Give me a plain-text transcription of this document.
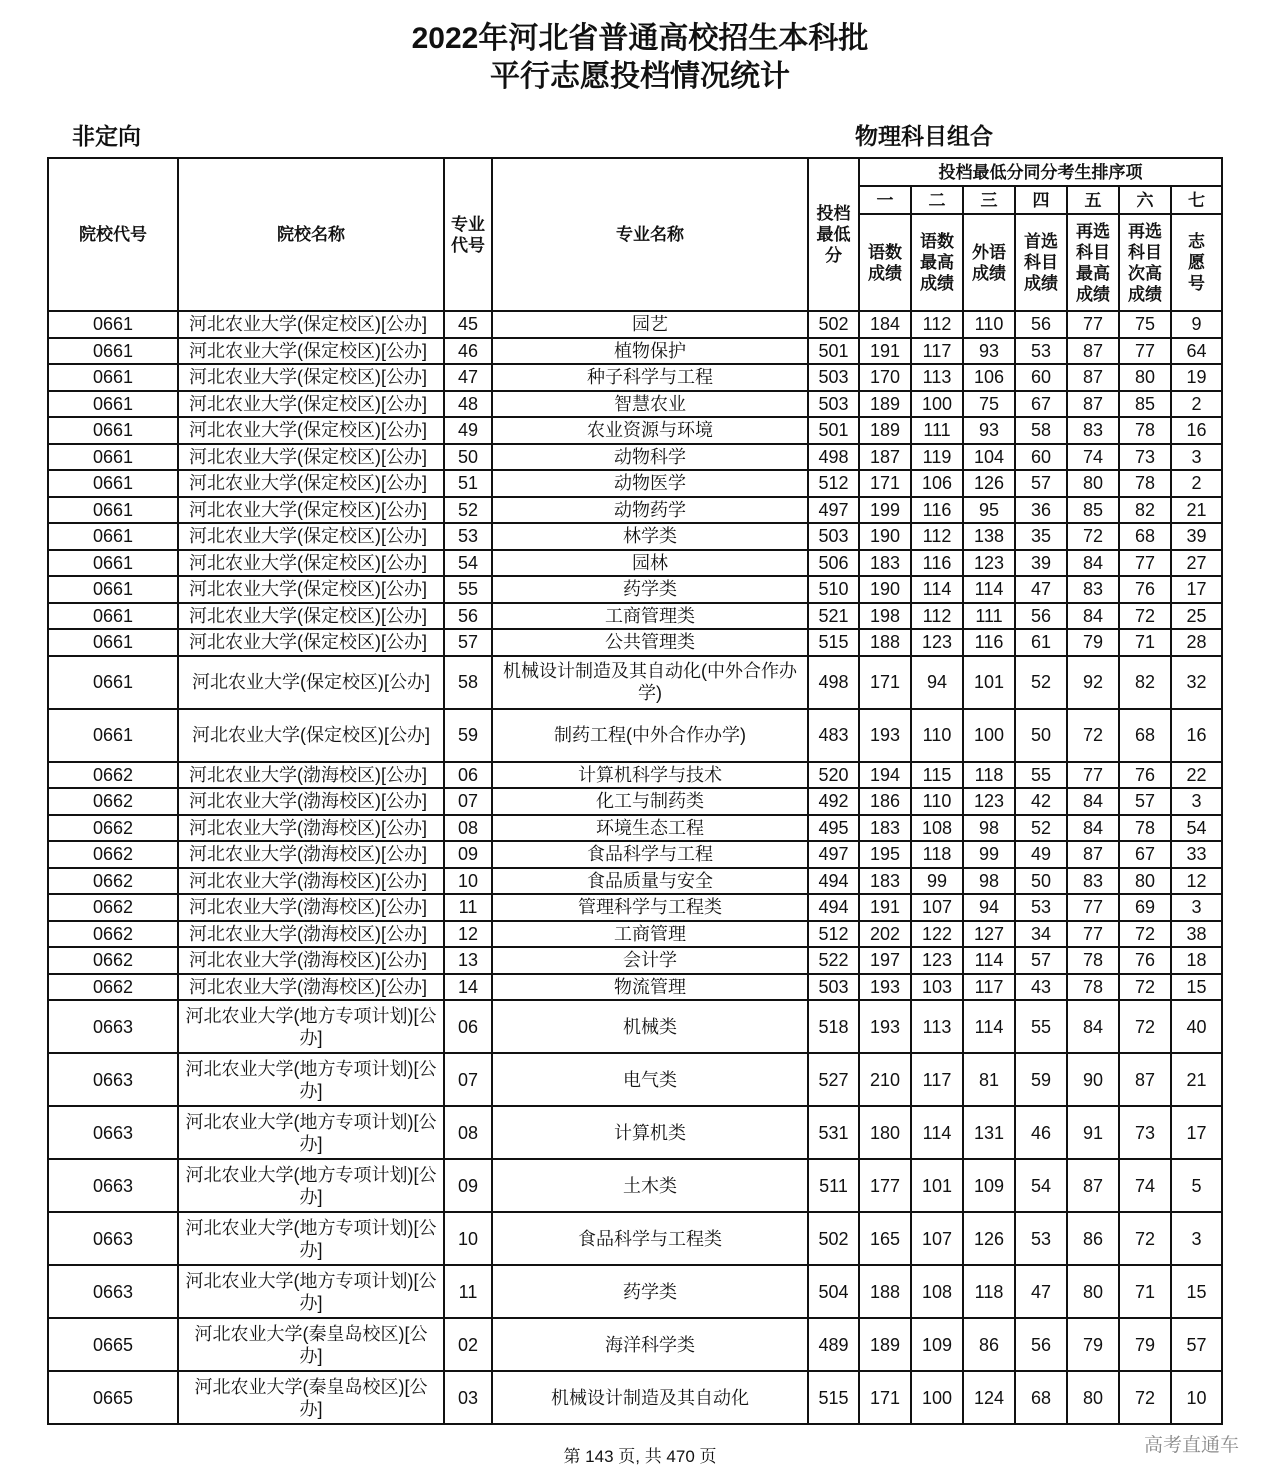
2022年河北省普通高校招生本科批
平行志愿投档情况统计
非定向	物理科目组合
院校代号	院校名称	专业代号	专业名称	投档最低分	投档最低分同分考生排序项						
					一	二	三	四	五	六	七
					语数成绩	语数最高成绩	外语成绩	首选科目成绩	再选科目最高成绩	再选科目次高成绩	志愿号
0661	河北农业大学(保定校区)[公办]	45	园艺	502	184	112	110	56	77	75	9
0661	河北农业大学(保定校区)[公办]	46	植物保护	501	191	117	93	53	87	77	64
0661	河北农业大学(保定校区)[公办]	47	种子科学与工程	503	170	113	106	60	87	80	19
0661	河北农业大学(保定校区)[公办]	48	智慧农业	503	189	100	75	67	87	85	2
0661	河北农业大学(保定校区)[公办]	49	农业资源与环境	501	189	111	93	58	83	78	16
0661	河北农业大学(保定校区)[公办]	50	动物科学	498	187	119	104	60	74	73	3
0661	河北农业大学(保定校区)[公办]	51	动物医学	512	171	106	126	57	80	78	2
0661	河北农业大学(保定校区)[公办]	52	动物药学	497	199	116	95	36	85	82	21
0661	河北农业大学(保定校区)[公办]	53	林学类	503	190	112	138	35	72	68	39
0661	河北农业大学(保定校区)[公办]	54	园林	506	183	116	123	39	84	77	27
0661	河北农业大学(保定校区)[公办]	55	药学类	510	190	114	114	47	83	76	17
0661	河北农业大学(保定校区)[公办]	56	工商管理类	521	198	112	111	56	84	72	25
0661	河北农业大学(保定校区)[公办]	57	公共管理类	515	188	123	116	61	79	71	28
0661	河北农业大学(保定校区)[公办]	58	机械设计制造及其自动化(中外合作办学)	498	171	94	101	52	92	82	32
0661	河北农业大学(保定校区)[公办]	59	制药工程(中外合作办学)	483	193	110	100	50	72	68	16
0662	河北农业大学(渤海校区)[公办]	06	计算机科学与技术	520	194	115	118	55	77	76	22
0662	河北农业大学(渤海校区)[公办]	07	化工与制药类	492	186	110	123	42	84	57	3
0662	河北农业大学(渤海校区)[公办]	08	环境生态工程	495	183	108	98	52	84	78	54
0662	河北农业大学(渤海校区)[公办]	09	食品科学与工程	497	195	118	99	49	87	67	33
0662	河北农业大学(渤海校区)[公办]	10	食品质量与安全	494	183	99	98	50	83	80	12
0662	河北农业大学(渤海校区)[公办]	11	管理科学与工程类	494	191	107	94	53	77	69	3
0662	河北农业大学(渤海校区)[公办]	12	工商管理	512	202	122	127	34	77	72	38
0662	河北农业大学(渤海校区)[公办]	13	会计学	522	197	123	114	57	78	76	18
0662	河北农业大学(渤海校区)[公办]	14	物流管理	503	193	103	117	43	78	72	15
0663	河北农业大学(地方专项计划)[公办]	06	机械类	518	193	113	114	55	84	72	40
0663	河北农业大学(地方专项计划)[公办]	07	电气类	527	210	117	81	59	90	87	21
0663	河北农业大学(地方专项计划)[公办]	08	计算机类	531	180	114	131	46	91	73	17
0663	河北农业大学(地方专项计划)[公办]	09	土木类	511	177	101	109	54	87	74	5
0663	河北农业大学(地方专项计划)[公办]	10	食品科学与工程类	502	165	107	126	53	86	72	3
0663	河北农业大学(地方专项计划)[公办]	11	药学类	504	188	108	118	47	80	71	15
0665	河北农业大学(秦皇岛校区)[公办]	02	海洋科学类	489	189	109	86	56	79	79	57
0665	河北农业大学(秦皇岛校区)[公办]	03	机械设计制造及其自动化	515	171	100	124	68	80	72	10
第 143 页, 共 470 页
高考直通车
